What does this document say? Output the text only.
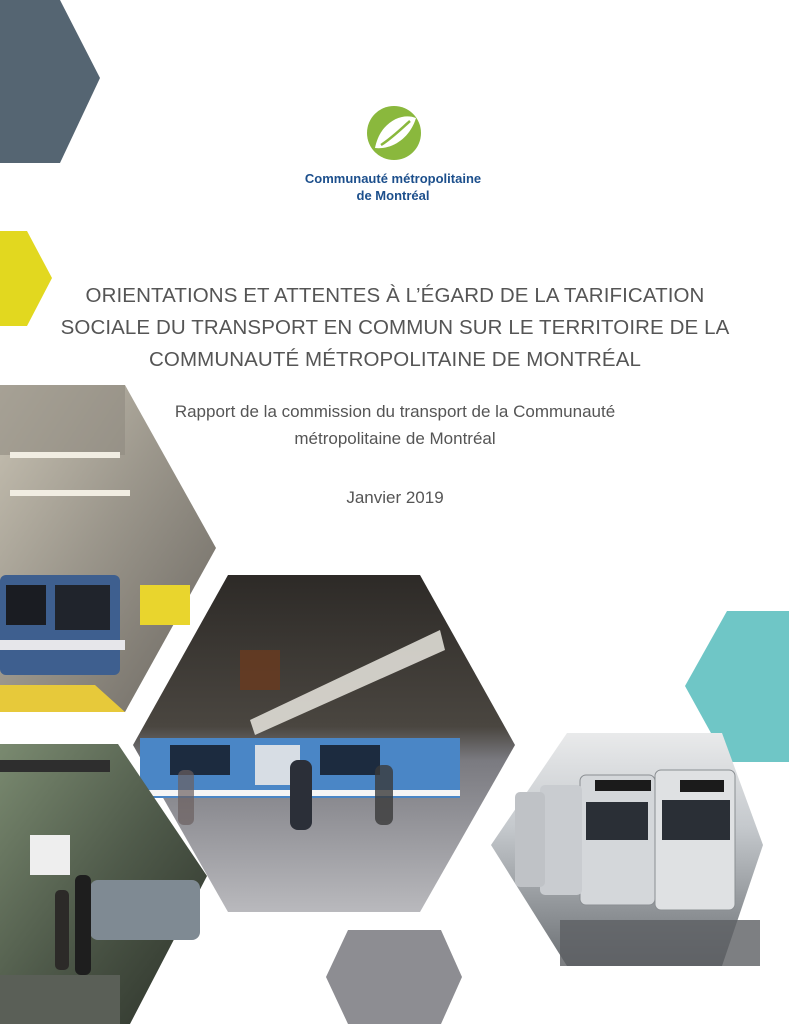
Communauté métropolitaine
de Montréal
ORIENTATIONS ET ATTENTES À L’ÉGARD DE LA TARIFICATION SOCIALE DU TRANSPORT EN COMMUN SUR LE TERRITOIRE DE LA COMMUNAUTÉ MÉTROPOLITAINE DE MONTRÉAL
Rapport de la commission du transport de la Communauté métropolitaine de Montréal
Janvier 2019
